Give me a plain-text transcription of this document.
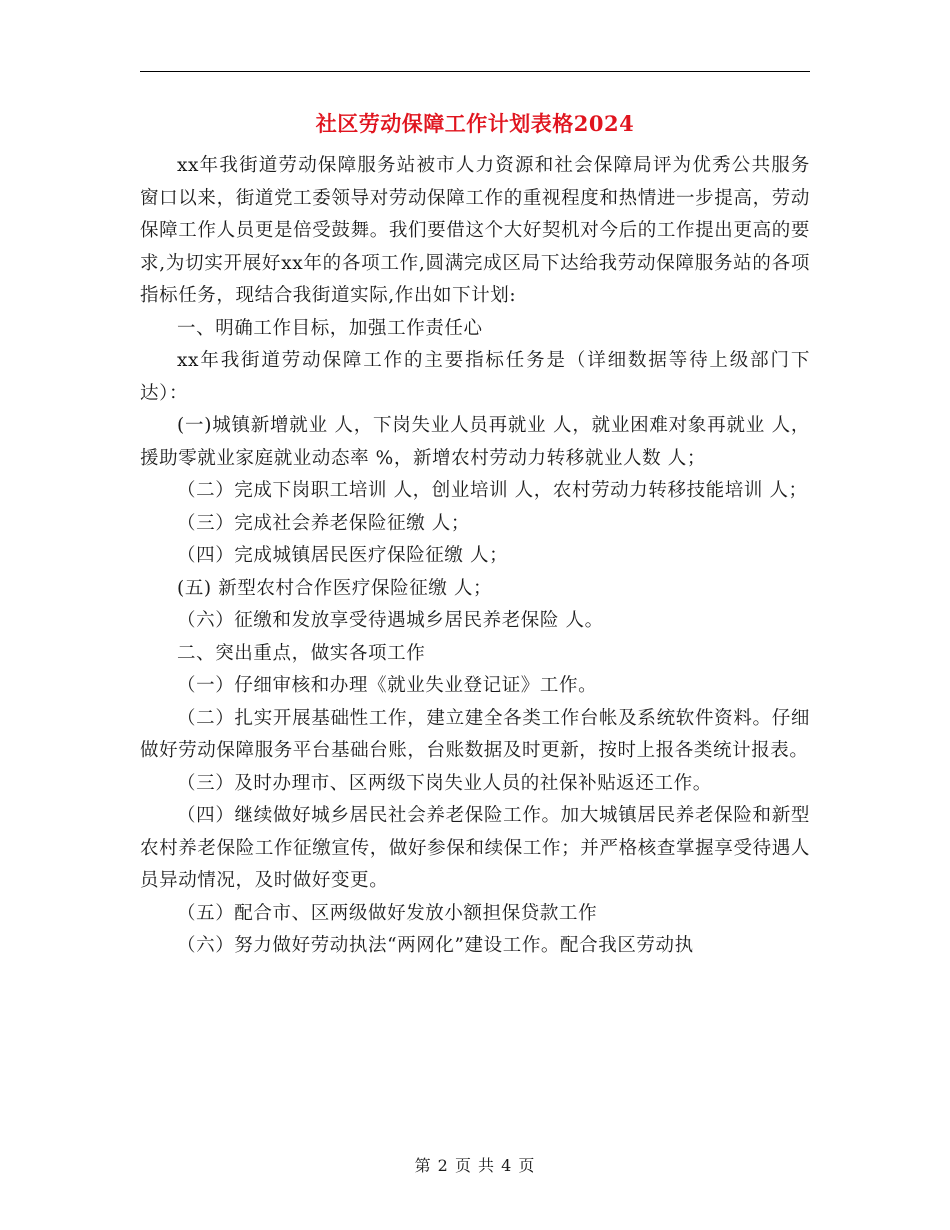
社区劳动保障工作计划表格2024

xx年我街道劳动保障服务站被市人力资源和社会保障局评为优秀公共服务窗口以来，街道党工委领导对劳动保障工作的重视程度和热情进一步提高，劳动保障工作人员更是倍受鼓舞。我们要借这个大好契机对今后的工作提出更高的要求,为切实开展好xx年的各项工作,圆满完成区局下达给我劳动保障服务站的各项指标任务，现结合我街道实际,作出如下计划:

一、明确工作目标，加强工作责任心

xx年我街道劳动保障工作的主要指标任务是（详细数据等待上级部门下达）：

(一)城镇新增就业 人，下岗失业人员再就业 人，就业困难对象再就业 人，援助零就业家庭就业动态率 %，新增农村劳动力转移就业人数 人；

（二）完成下岗职工培训 人，创业培训 人，农村劳动力转移技能培训 人；

（三）完成社会养老保险征缴 人；

（四）完成城镇居民医疗保险征缴 人；

(五) 新型农村合作医疗保险征缴 人；

（六）征缴和发放享受待遇城乡居民养老保险 人。

二、突出重点，做实各项工作

（一）仔细审核和办理《就业失业登记证》工作。

（二）扎实开展基础性工作，建立建全各类工作台帐及系统软件资料。仔细做好劳动保障服务平台基础台账，台账数据及时更新，按时上报各类统计报表。

（三）及时办理市、区两级下岗失业人员的社保补贴返还工作。

（四）继续做好城乡居民社会养老保险工作。加大城镇居民养老保险和新型农村养老保险工作征缴宣传，做好参保和续保工作；并严格核查掌握享受待遇人员异动情况，及时做好变更。

（五）配合市、区两级做好发放小额担保贷款工作

（六）努力做好劳动执法“两网化”建设工作。配合我区劳动执

第 2 页 共 4 页
